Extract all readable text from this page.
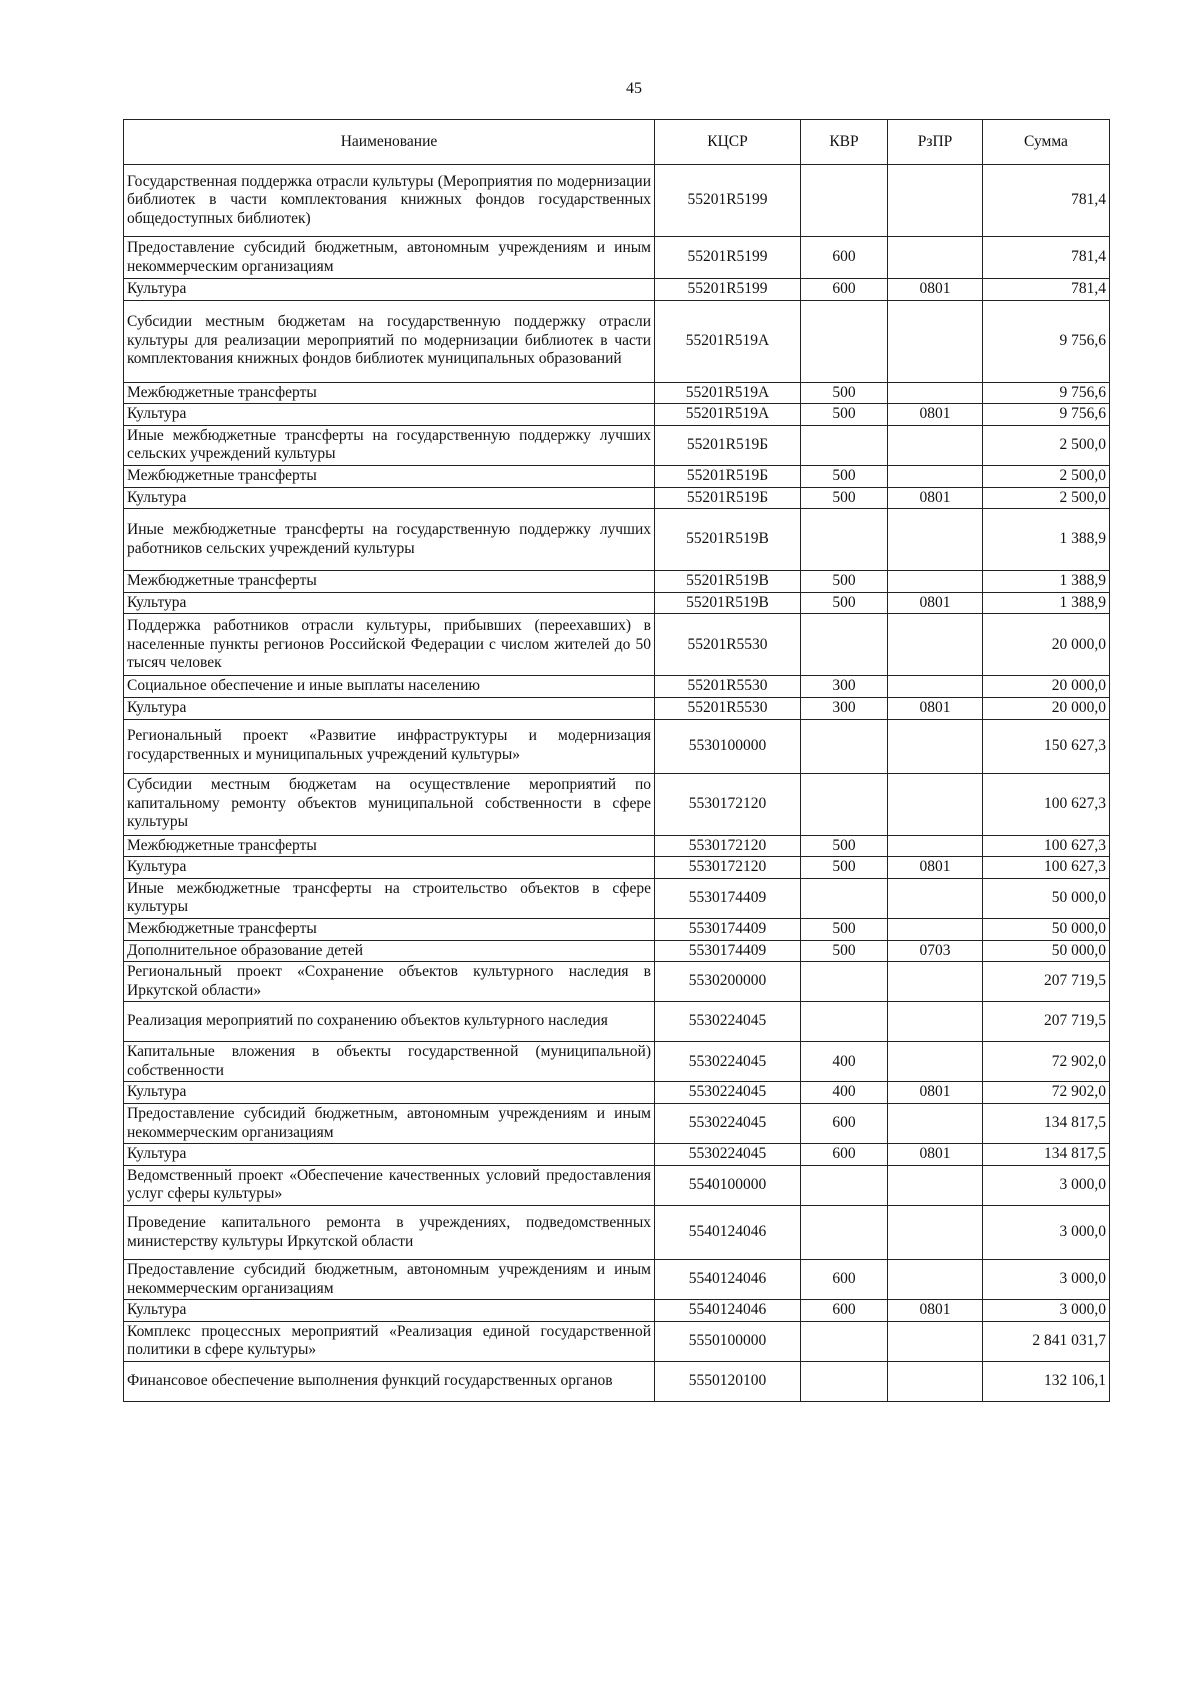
45
Наименование	КЦСР	КВР	РзПР	Сумма
Государственная поддержка отрасли культуры (Мероприятия по модернизации библиотек в части комплектования книжных фондов государственных общедоступных библиотек)	55201R5199			781,4
Предоставление субсидий бюджетным, автономным учреждениям и иным некоммерческим организациям	55201R5199	600		781,4
Культура	55201R5199	600	0801	781,4
Субсидии местным бюджетам на государственную поддержку отрасли культуры для реализации мероприятий по модернизации библиотек в части комплектования книжных фондов библиотек муниципальных образований	55201R519А			9 756,6
Межбюджетные трансферты	55201R519А	500		9 756,6
Культура	55201R519А	500	0801	9 756,6
Иные межбюджетные трансферты на государственную поддержку лучших сельских учреждений культуры	55201R519Б			2 500,0
Межбюджетные трансферты	55201R519Б	500		2 500,0
Культура	55201R519Б	500	0801	2 500,0
Иные межбюджетные трансферты на государственную поддержку лучших работников сельских учреждений культуры	55201R519В			1 388,9
Межбюджетные трансферты	55201R519В	500		1 388,9
Культура	55201R519В	500	0801	1 388,9
Поддержка работников отрасли культуры, прибывших (переехавших) в населенные пункты регионов Российской Федерации с числом жителей до 50 тысяч человек	55201R5530			20 000,0
Социальное обеспечение и иные выплаты населению	55201R5530	300		20 000,0
Культура	55201R5530	300	0801	20 000,0
Региональный проект «Развитие инфраструктуры и модернизация государственных и муниципальных учреждений культуры»	5530100000			150 627,3
Субсидии местным бюджетам на осуществление мероприятий по капитальному ремонту объектов муниципальной собственности в сфере культуры	5530172120			100 627,3
Межбюджетные трансферты	5530172120	500		100 627,3
Культура	5530172120	500	0801	100 627,3
Иные межбюджетные трансферты на строительство объектов в сфере культуры	5530174409			50 000,0
Межбюджетные трансферты	5530174409	500		50 000,0
Дополнительное образование детей	5530174409	500	0703	50 000,0
Региональный проект «Сохранение объектов культурного наследия в Иркутской области»	5530200000			207 719,5
Реализация мероприятий по сохранению объектов культурного наследия	5530224045			207 719,5
Капитальные вложения в объекты государственной (муниципальной) собственности	5530224045	400		72 902,0
Культура	5530224045	400	0801	72 902,0
Предоставление субсидий бюджетным, автономным учреждениям и иным некоммерческим организациям	5530224045	600		134 817,5
Культура	5530224045	600	0801	134 817,5
Ведомственный проект «Обеспечение качественных условий предоставления услуг сферы культуры»	5540100000			3 000,0
Проведение капитального ремонта в учреждениях, подведомственных министерству культуры Иркутской области	5540124046			3 000,0
Предоставление субсидий бюджетным, автономным учреждениям и иным некоммерческим организациям	5540124046	600		3 000,0
Культура	5540124046	600	0801	3 000,0
Комплекс процессных мероприятий «Реализация единой государственной политики в сфере культуры»	5550100000			2 841 031,7
Финансовое обеспечение выполнения функций государственных органов	5550120100			132 106,1
